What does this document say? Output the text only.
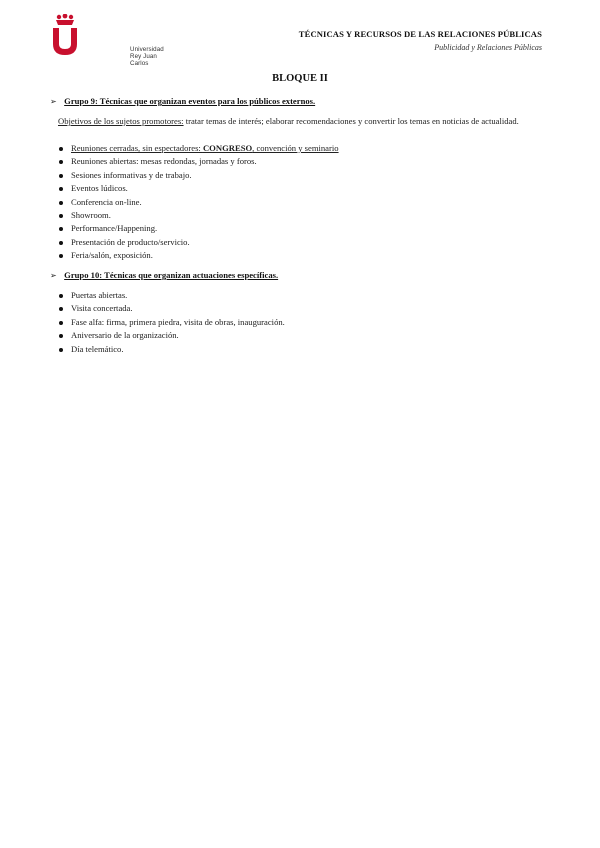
Universidad
Rey Juan Carlos
TÉCNICAS Y RECURSOS DE LAS RELACIONES PÚBLICAS
Publicidad y Relaciones Públicas
BLOQUE II
➢ Grupo 9: Técnicas que organizan eventos para los públicos externos.
Objetivos de los sujetos promotores: tratar temas de interés; elaborar recomendaciones y convertir los temas en noticias de actualidad.
Reuniones cerradas, sin espectadores: CONGRESO, convención y seminario
Reuniones abiertas: mesas redondas, jornadas y foros.
Sesiones informativas y de trabajo.
Eventos lúdicos.
Conferencia on-line.
Showroom.
Performance/Happening.
Presentación de producto/servicio.
Feria/salón, exposición.
➢ Grupo 10: Técnicas que organizan actuaciones específicas.
Puertas abiertas.
Visita concertada.
Fase alfa: firma, primera piedra, visita de obras, inauguración.
Aniversario de la organización.
Día telemático.
